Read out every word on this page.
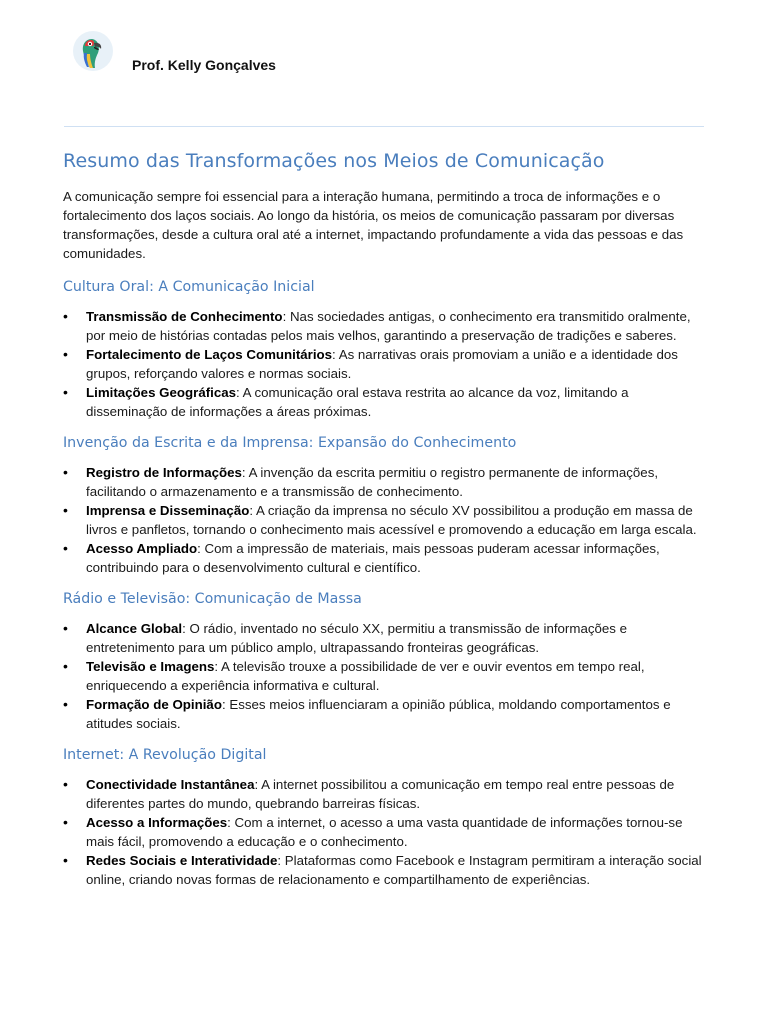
Prof. Kelly Gonçalves
Resumo das Transformações nos Meios de Comunicação

A comunicação sempre foi essencial para a interação humana, permitindo a troca de informações e o fortalecimento dos laços sociais. Ao longo da história, os meios de comunicação passaram por diversas transformações, desde a cultura oral até a internet, impactando profundamente a vida das pessoas e das comunidades.

Cultura Oral: A Comunicação Inicial
• Transmissão de Conhecimento: Nas sociedades antigas, o conhecimento era transmitido oralmente, por meio de histórias contadas pelos mais velhos, garantindo a preservação de tradições e saberes.
• Fortalecimento de Laços Comunitários: As narrativas orais promoviam a união e a identidade dos grupos, reforçando valores e normas sociais.
• Limitações Geográficas: A comunicação oral estava restrita ao alcance da voz, limitando a disseminação de informações a áreas próximas.
Invenção da Escrita e da Imprensa: Expansão do Conhecimento
• Registro de Informações: A invenção da escrita permitiu o registro permanente de informações, facilitando o armazenamento e a transmissão de conhecimento.
• Imprensa e Disseminação: A criação da imprensa no século XV possibilitou a produção em massa de livros e panfletos, tornando o conhecimento mais acessível e promovendo a educação em larga escala.
• Acesso Ampliado: Com a impressão de materiais, mais pessoas puderam acessar informações, contribuindo para o desenvolvimento cultural e científico.
Rádio e Televisão: Comunicação de Massa
• Alcance Global: O rádio, inventado no século XX, permitiu a transmissão de informações e entretenimento para um público amplo, ultrapassando fronteiras geográficas.
• Televisão e Imagens: A televisão trouxe a possibilidade de ver e ouvir eventos em tempo real, enriquecendo a experiência informativa e cultural.
• Formação de Opinião: Esses meios influenciaram a opinião pública, moldando comportamentos e atitudes sociais.
Internet: A Revolução Digital
• Conectividade Instantânea: A internet possibilitou a comunicação em tempo real entre pessoas de diferentes partes do mundo, quebrando barreiras físicas.
• Acesso a Informações: Com a internet, o acesso a uma vasta quantidade de informações tornou-se mais fácil, promovendo a educação e o conhecimento.
• Redes Sociais e Interatividade: Plataformas como Facebook e Instagram permitiram a interação social online, criando novas formas de relacionamento e compartilhamento de experiências.
